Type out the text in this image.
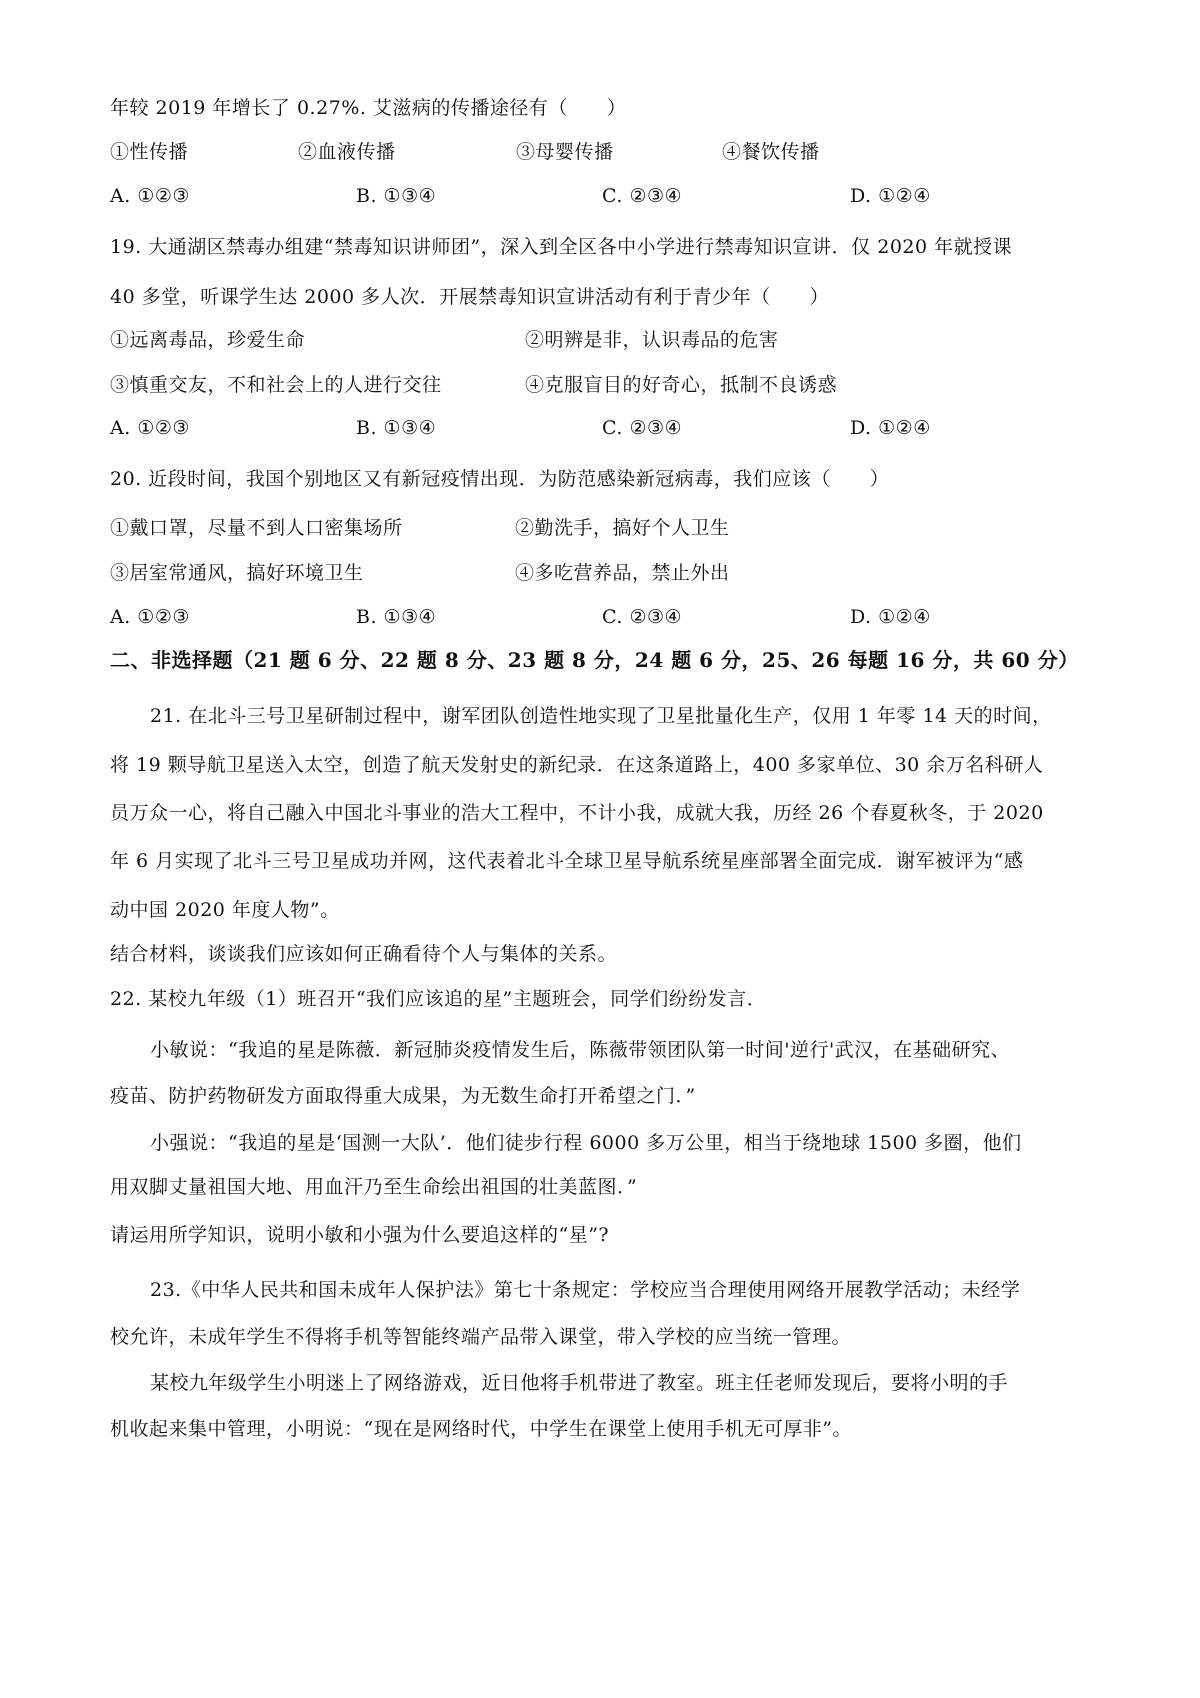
年较 2019 年增长了 0.27%. 艾滋病的传播途径有（　　）
①性传播	②血液传播	③母婴传播	④餐饮传播
A. ①②③	B. ①③④	C. ②③④	D. ①②④
19. 大通湖区禁毒办组建“禁毒知识讲师团”，深入到全区各中小学进行禁毒知识宣讲．仅 2020 年就授课
40 多堂，听课学生达 2000 多人次．开展禁毒知识宣讲活动有利于青少年（　　）
①远离毒品，珍爱生命	②明辨是非，认识毒品的危害
③慎重交友，不和社会上的人进行交往	④克服盲目的好奇心，抵制不良诱惑
A. ①②③	B. ①③④	C. ②③④	D. ①②④
20. 近段时间，我国个别地区又有新冠疫情出现．为防范感染新冠病毒，我们应该（　　）
①戴口罩，尽量不到人口密集场所	②勤洗手，搞好个人卫生
③居室常通风，搞好环境卫生	④多吃营养品，禁止外出
A. ①②③	B. ①③④	C. ②③④	D. ①②④
二、非选择题（21 题 6 分、22 题 8 分、23 题 8 分，24 题 6 分，25、26 每题 16 分，共 60 分）
21. 在北斗三号卫星研制过程中，谢军团队创造性地实现了卫星批量化生产，仅用 1 年零 14 天的时间，
将 19 颗导航卫星送入太空，创造了航天发射史的新纪录．在这条道路上，400 多家单位、30 余万名科研人
员万众一心，将自己融入中国北斗事业的浩大工程中，不计小我，成就大我，历经 26 个春夏秋冬，于 2020
年 6 月实现了北斗三号卫星成功并网，这代表着北斗全球卫星导航系统星座部署全面完成．谢军被评为“感
动中国 2020 年度人物”。
结合材料，谈谈我们应该如何正确看待个人与集体的关系。
22. 某校九年级（1）班召开“我们应该追的星”主题班会，同学们纷纷发言．
小敏说：“我追的星是陈薇．新冠肺炎疫情发生后，陈薇带领团队第一时间'逆行'武汉，在基础研究、
疫苗、防护药物研发方面取得重大成果，为无数生命打开希望之门．”
小强说：“我追的星是‘国测一大队’．他们徒步行程 6000 多万公里，相当于绕地球 1500 多圈，他们
用双脚丈量祖国大地、用血汗乃至生命绘出祖国的壮美蓝图．”
请运用所学知识，说明小敏和小强为什么要追这样的“星”?
23.《中华人民共和国未成年人保护法》第七十条规定：学校应当合理使用网络开展教学活动；未经学
校允许，未成年学生不得将手机等智能终端产品带入课堂，带入学校的应当统一管理。
某校九年级学生小明迷上了网络游戏，近日他将手机带进了教室。班主任老师发现后，要将小明的手
机收起来集中管理，小明说：“现在是网络时代，中学生在课堂上使用手机无可厚非”。
